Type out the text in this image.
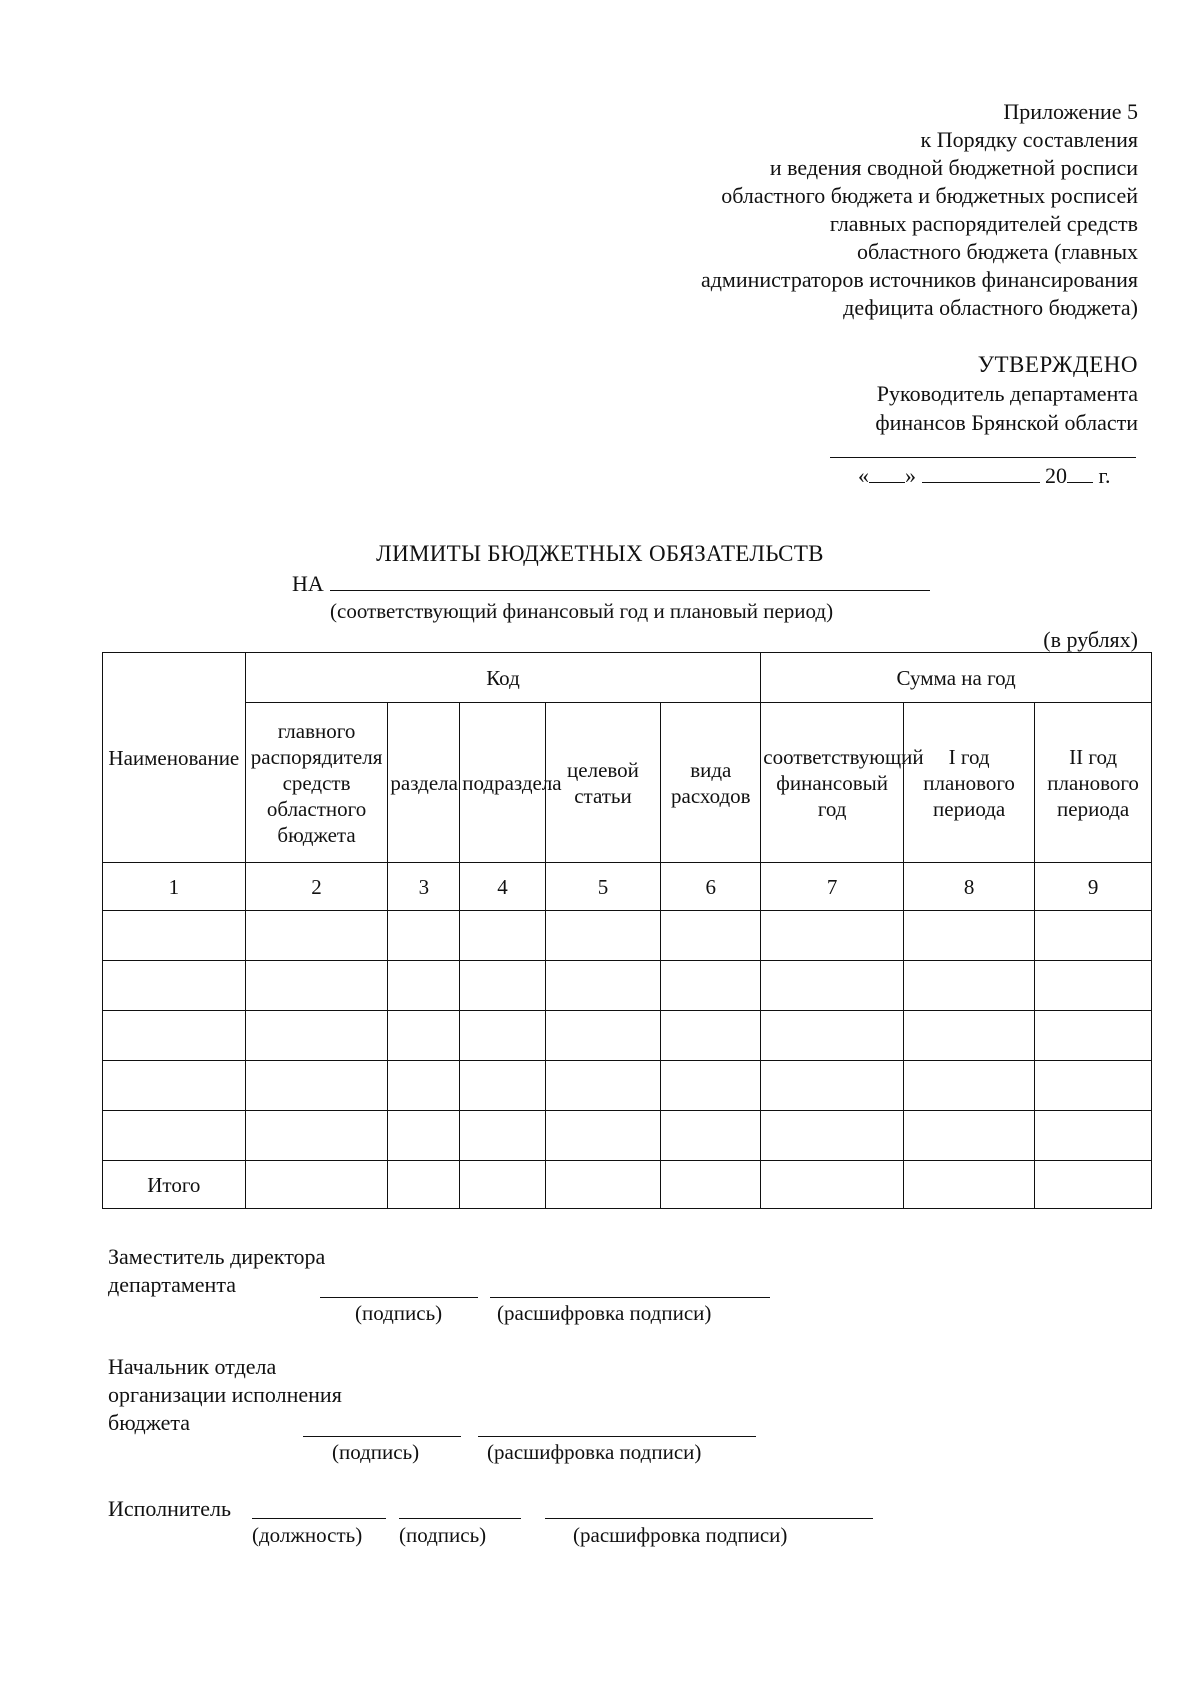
Приложение 5
к Порядку составления
и ведения сводной бюджетной росписи
областного бюджета и бюджетных росписей
главных распорядителей средств
областного бюджета (главных
администраторов источников финансирования
дефицита областного бюджета)
УТВЕРЖДЕНО
Руководитель департамента
финансов Брянской области
« »	20 г.
ЛИМИТЫ БЮДЖЕТНЫХ ОБЯЗАТЕЛЬСТВ
НА
(соответствующий финансовый год и плановый период)
(в рублях)
Наименование	Код					Сумма на год		
	главного распорядителя средств областного бюджета	раздела	подраздела	целевой статьи	вида расходов	соответствующий финансовый год	I год планового периода	II год планового периода
1	2	3	4	5	6	7	8	9

Итого								
Заместитель директора
департамента
(подпись)	(расшифровка подписи)
Начальник отдела
организации исполнения
бюджета
(подпись)	(расшифровка подписи)
Исполнитель
(должность) (подпись)	(расшифровка подписи)
